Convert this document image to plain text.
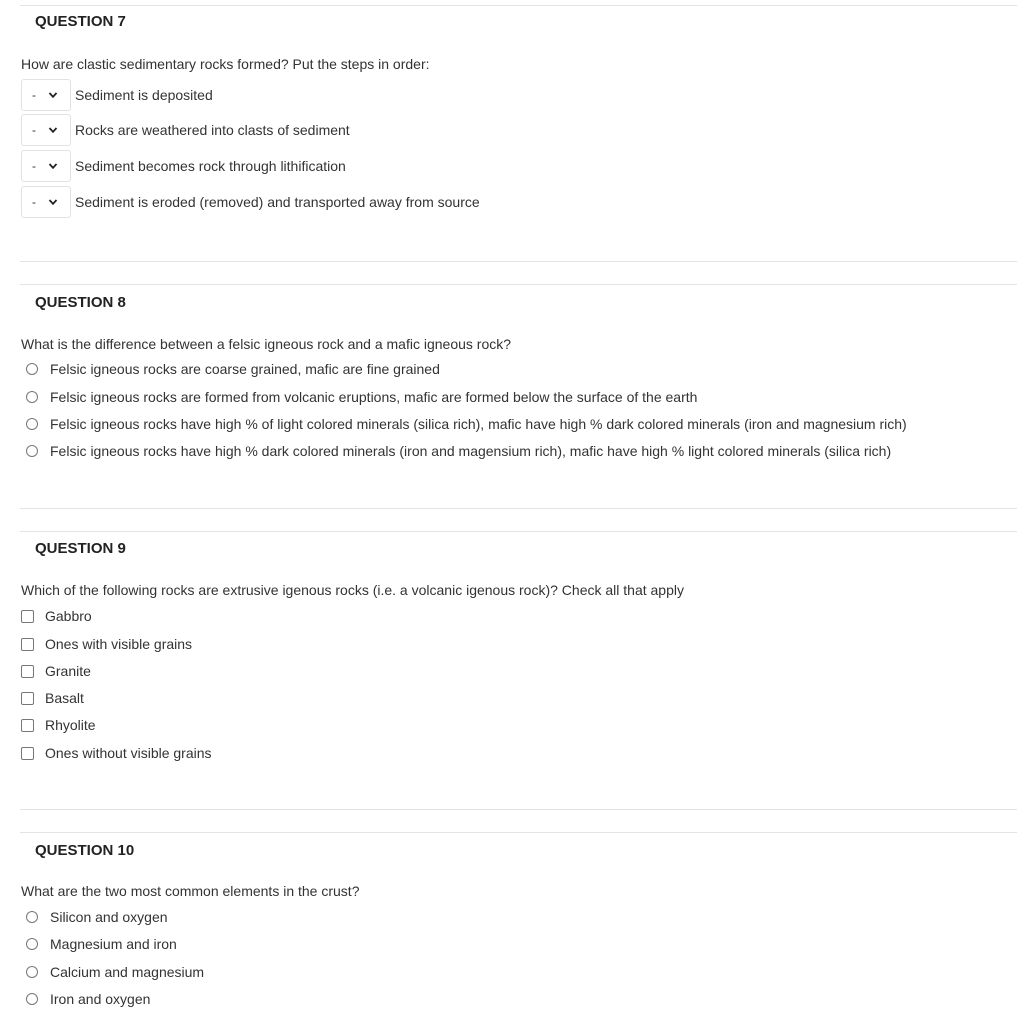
QUESTION 7
How are clastic sedimentary rocks formed? Put the steps in order:
-	Sediment is deposited
-	Rocks are weathered into clasts of sediment
-	Sediment becomes rock through lithification
-	Sediment is eroded (removed) and transported away from source
QUESTION 8
What is the difference between a felsic igneous rock and a mafic igneous rock?
Felsic igneous rocks are coarse grained, mafic are fine grained
Felsic igneous rocks are formed from volcanic eruptions, mafic are formed below the surface of the earth
Felsic igneous rocks have high % of light colored minerals (silica rich), mafic have high % dark colored minerals (iron and magnesium rich)
Felsic igneous rocks have high % dark colored minerals (iron and magensium rich), mafic have high % light colored minerals (silica rich)
QUESTION 9
Which of the following rocks are extrusive igenous rocks (i.e. a volcanic igenous rock)? Check all that apply
Gabbro
Ones with visible grains
Granite
Basalt
Rhyolite
Ones without visible grains
QUESTION 10
What are the two most common elements in the crust?
Silicon and oxygen
Magnesium and iron
Calcium and magnesium
Iron and oxygen
